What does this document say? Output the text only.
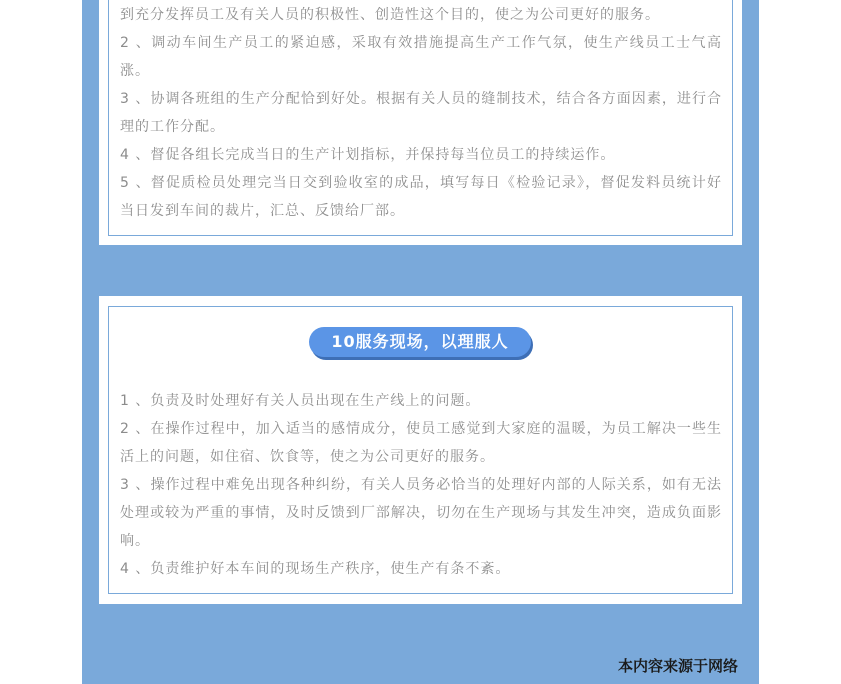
到充分发挥员工及有关人员的积极性、创造性这个目的，使之为公司更好的服务。
2 、调动车间生产员工的紧迫感，采取有效措施提高生产工作气氛，使生产线员工士气高涨。
3 、协调各班组的生产分配恰到好处。根据有关人员的缝制技术，结合各方面因素，进行合理的工作分配。
4 、督促各组长完成当日的生产计划指标，并保持每当位员工的持续运作。
5 、督促质检员处理完当日交到验收室的成品，填写每日《检验记录》，督促发料员统计好当日发到车间的裁片，汇总、反馈给厂部。
10服务现场，以理服人
1 、负责及时处理好有关人员出现在生产线上的问题。
2 、在操作过程中，加入适当的感情成分，使员工感觉到大家庭的温暖，为员工解决一些生活上的问题，如住宿、饮食等，使之为公司更好的服务。
3 、操作过程中难免出现各种纠纷，有关人员务必恰当的处理好内部的人际关系，如有无法处理或较为严重的事情，及时反馈到厂部解决，切勿在生产现场与其发生冲突，造成负面影响。
4 、负责维护好本车间的现场生产秩序，使生产有条不紊。
本内容来源于网络
